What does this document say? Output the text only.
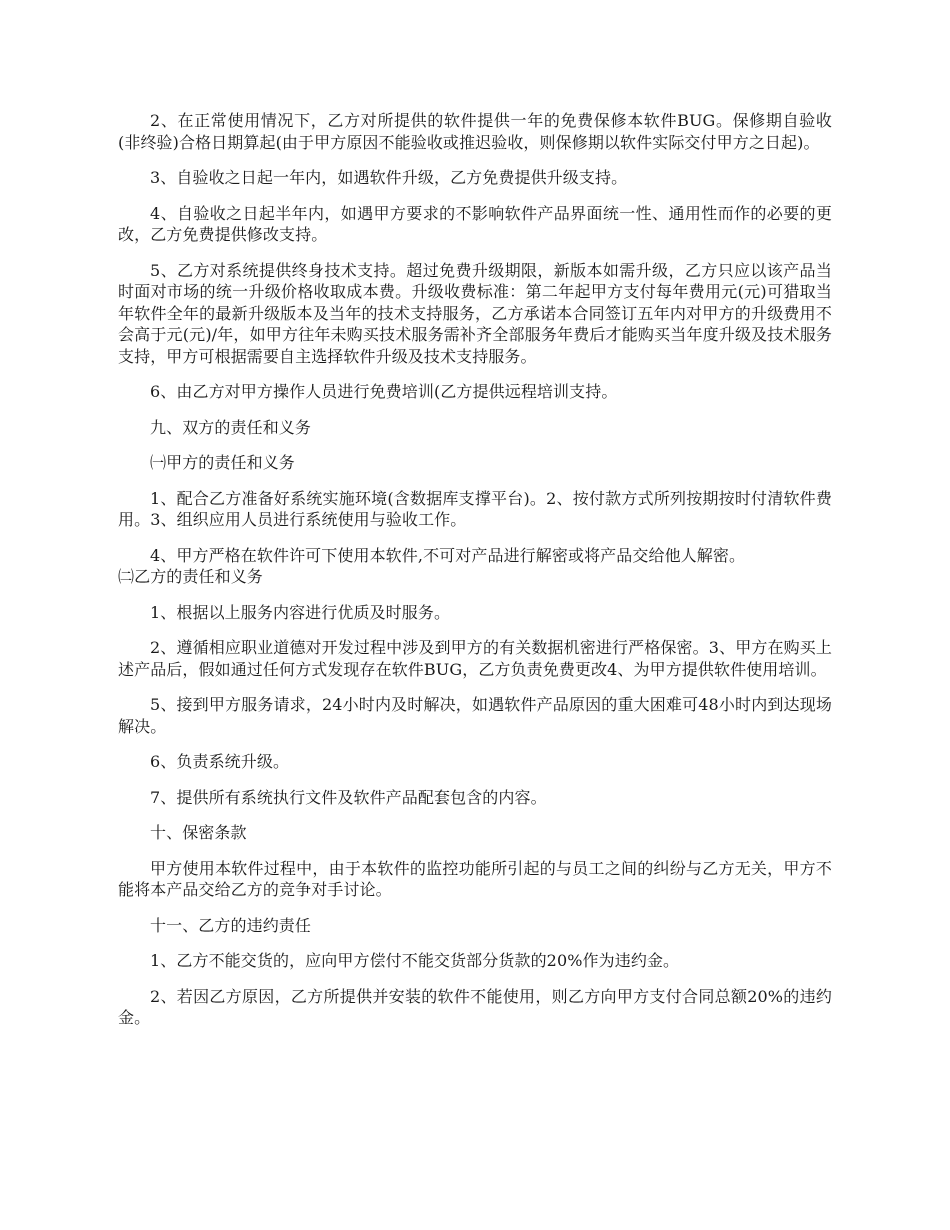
2、在正常使用情况下，乙方对所提供的软件提供一年的免费保修本软件BUG。保修期自验收(非终验)合格日期算起(由于甲方原因不能验收或推迟验收，则保修期以软件实际交付甲方之日起)。

3、自验收之日起一年内，如遇软件升级，乙方免费提供升级支持。

4、自验收之日起半年内，如遇甲方要求的不影响软件产品界面统一性、通用性而作的必要的更改，乙方免费提供修改支持。

5、乙方对系统提供终身技术支持。超过免费升级期限，新版本如需升级，乙方只应以该产品当时面对市场的统一升级价格收取成本费。升级收费标准：第二年起甲方支付每年费用元(元)可猎取当年软件全年的最新升级版本及当年的技术支持服务，乙方承诺本合同签订五年内对甲方的升级费用不会高于元(元)/年，如甲方往年未购买技术服务需补齐全部服务年费后才能购买当年度升级及技术服务支持，甲方可根据需要自主选择软件升级及技术支持服务。

6、由乙方对甲方操作人员进行免费培训(乙方提供远程培训支持。

九、双方的责任和义务

㈠甲方的责任和义务

1、配合乙方准备好系统实施环境(含数据库支撑平台)。2、按付款方式所列按期按时付清软件费用。3、组织应用人员进行系统使用与验收工作。

4、甲方严格在软件许可下使用本软件,不可对产品进行解密或将产品交给他人解密。

㈡乙方的责任和义务

1、根据以上服务内容进行优质及时服务。

2、遵循相应职业道德对开发过程中涉及到甲方的有关数据机密进行严格保密。3、甲方在购买上述产品后，假如通过任何方式发现存在软件BUG，乙方负责免费更改4、为甲方提供软件使用培训。

5、接到甲方服务请求，24小时内及时解决，如遇软件产品原因的重大困难可48小时内到达现场解决。

6、负责系统升级。

7、提供所有系统执行文件及软件产品配套包含的内容。

十、保密条款

甲方使用本软件过程中，由于本软件的监控功能所引起的与员工之间的纠纷与乙方无关，甲方不能将本产品交给乙方的竞争对手讨论。

十一、乙方的违约责任

1、乙方不能交货的，应向甲方偿付不能交货部分货款的20%作为违约金。

2、若因乙方原因，乙方所提供并安装的软件不能使用，则乙方向甲方支付合同总额20%的违约金。
